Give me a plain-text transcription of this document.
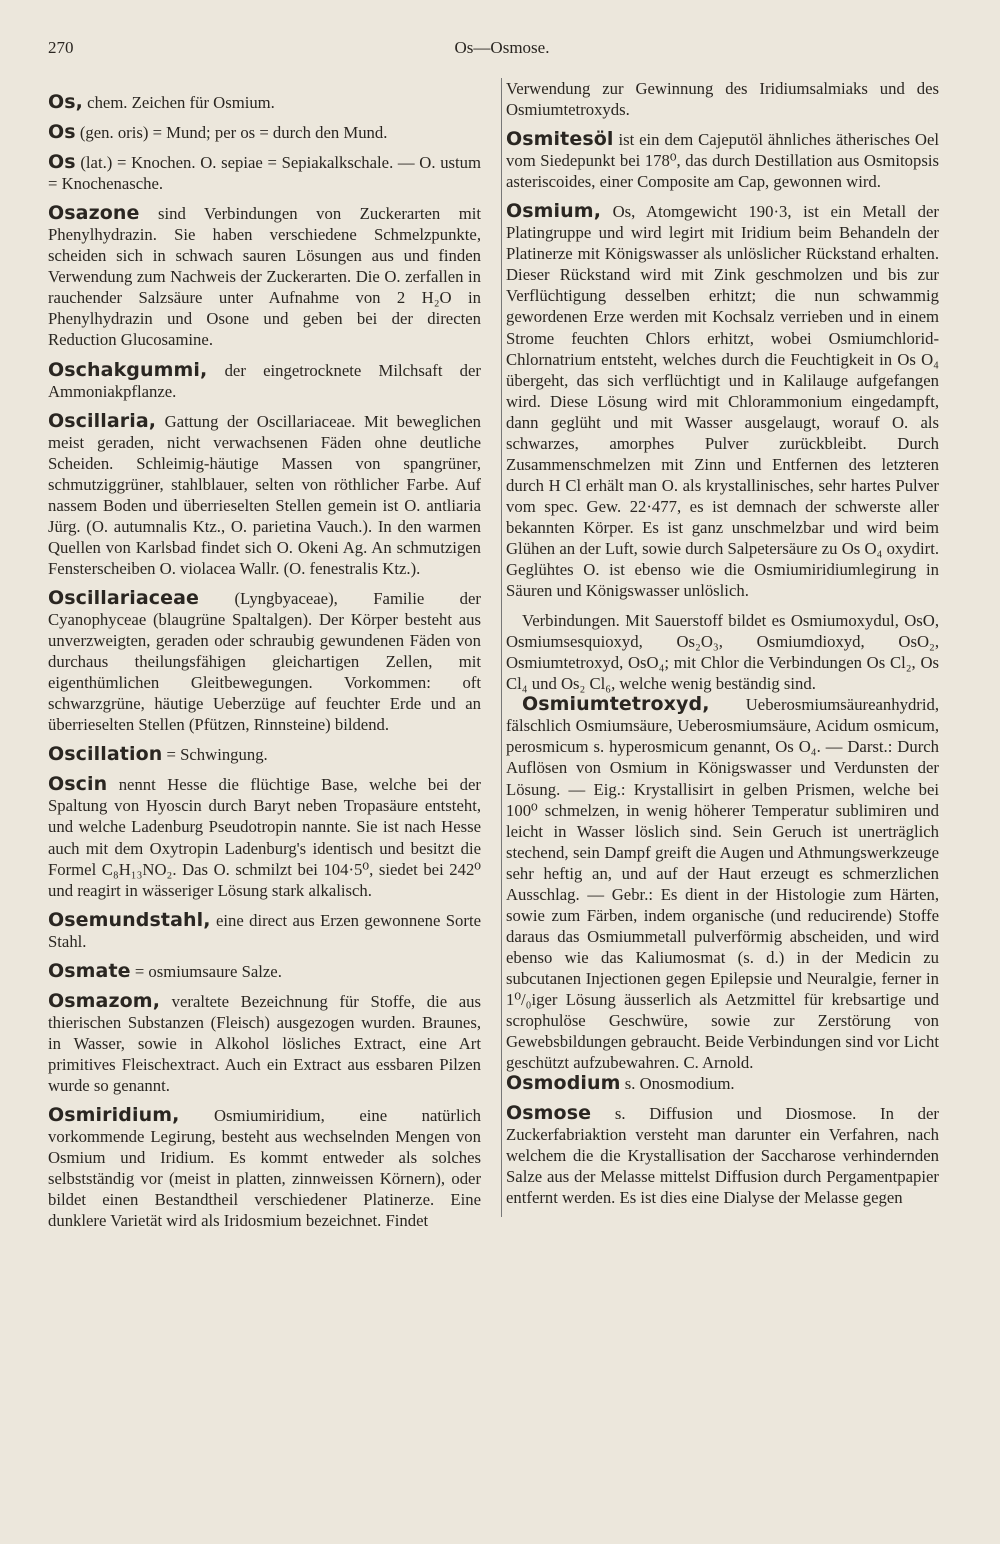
270	Os—Osmose.

Os, chem. Zeichen für Osmium.

Os (gen. oris) = Mund; per os = durch den Mund.

Os (lat.) = Knochen. O. sepiae = Sepiakalkschale. — O. ustum = Knochenasche.

Osazone sind Verbindungen von Zuckerarten mit Phenylhydrazin. Sie haben verschiedene Schmelzpunkte, scheiden sich in schwach sauren Lösungen aus und finden Verwendung zum Nachweis der Zuckerarten. Die O. zerfallen in rauchender Salzsäure unter Aufnahme von 2 H₂O in Phenylhydrazin und Osone und geben bei der directen Reduction Glucosamine.

Oschakgummi, der eingetrocknete Milchsaft der Ammoniakpflanze.

Oscillaria, Gattung der Oscillariaceae. Mit beweglichen meist geraden, nicht verwachsenen Fäden ohne deutliche Scheiden. Schleimig-häutige Massen von spangrüner, schmutziggrüner, stahlblauer, selten von röthlicher Farbe. Auf nassem Boden und überrieselten Stellen gemein ist O. antliaria Jürg. (O. autumnalis Ktz., O. parietina Vauch.). In den warmen Quellen von Karlsbad findet sich O. Okeni Ag. An schmutzigen Fensterscheiben O. violacea Wallr. (O. fenestralis Ktz.).

Oscillariaceae (Lyngbyaceae), Familie der Cyanophyceae (blaugrüne Spaltalgen). Der Körper besteht aus unverzweigten, geraden oder schraubig gewundenen Fäden von durchaus theilungsfähigen gleichartigen Zellen, mit eigenthümlichen Gleitbewegungen. Vorkommen: oft schwarzgrüne, häutige Ueberzüge auf feuchter Erde und an überrieselten Stellen (Pfützen, Rinnsteine) bildend.

Oscillation = Schwingung.

Oscin nennt Hesse die flüchtige Base, welche bei der Spaltung von Hyoscin durch Baryt neben Tropasäure entsteht, und welche Ladenburg Pseudotropin nannte. Sie ist nach Hesse auch mit dem Oxytropin Ladenburg's identisch und besitzt die Formel C₈H₁₃NO₂. Das O. schmilzt bei 104·5⁰, siedet bei 242⁰ und reagirt in wässeriger Lösung stark alkalisch.

Osemundstahl, eine direct aus Erzen gewonnene Sorte Stahl.

Osmate = osmiumsaure Salze.

Osmazom, veraltete Bezeichnung für Stoffe, die aus thierischen Substanzen (Fleisch) ausgezogen wurden. Braunes, in Wasser, sowie in Alkohol lösliches Extract, eine Art primitives Fleischextract. Auch ein Extract aus essbaren Pilzen wurde so genannt.

Osmiridium, Osmiumiridium, eine natürlich vorkommende Legirung, besteht aus wechselnden Mengen von Osmium und Iridium. Es kommt entweder als solches selbstständig vor (meist in platten, zinnweissen Körnern), oder bildet einen Bestandtheil verschiedener Platinerze. Eine dunklere Varietät wird als Iridosmium bezeichnet. Findet

Verwendung zur Gewinnung des Iridiumsalmiaks und des Osmiumtetroxyds.

Osmitesöl ist ein dem Cajeputöl ähnliches ätherisches Oel vom Siedepunkt bei 178⁰, das durch Destillation aus Osmitopsis asteriscoides, einer Composite am Cap, gewonnen wird.

Osmium, Os, Atomgewicht 190·3, ist ein Metall der Platingruppe und wird legirt mit Iridium beim Behandeln der Platinerze mit Königswasser als unlöslicher Rückstand erhalten. Dieser Rückstand wird mit Zink geschmolzen und bis zur Verflüchtigung desselben erhitzt; die nun schwammig gewordenen Erze werden mit Kochsalz verrieben und in einem Strome feuchten Chlors erhitzt, wobei Osmiumchlorid-Chlornatrium entsteht, welches durch die Feuchtigkeit in Os O₄ übergeht, das sich verflüchtigt und in Kalilauge aufgefangen wird. Diese Lösung wird mit Chlorammonium eingedampft, dann geglüht und mit Wasser ausgelaugt, worauf O. als schwarzes, amorphes Pulver zurückbleibt. Durch Zusammenschmelzen mit Zinn und Entfernen des letzteren durch H Cl erhält man O. als krystallinisches, sehr hartes Pulver vom spec. Gew. 22·477, es ist demnach der schwerste aller bekannten Körper. Es ist ganz unschmelzbar und wird beim Glühen an der Luft, sowie durch Salpetersäure zu Os O₄ oxydirt. Geglühtes O. ist ebenso wie die Osmiumiridiumlegirung in Säuren und Königswasser unlöslich.

Verbindungen. Mit Sauerstoff bildet es Osmiumoxydul, OsO, Osmiumsesquioxyd, Os₂O₃, Osmiumdioxyd, OsO₂, Osmiumtetroxyd, OsO₄; mit Chlor die Verbindungen Os Cl₂, Os Cl₄ und Os₂ Cl₆, welche wenig beständig sind.

Osmiumtetroxyd, Ueberosmiumsäureanhydrid, fälschlich Osmiumsäure, Ueberosmiumsäure, Acidum osmicum, perosmicum s. hyperosmicum genannt, Os O₄. — Darst.: Durch Auflösen von Osmium in Königswasser und Verdunsten der Lösung. — Eig.: Krystallisirt in gelben Prismen, welche bei 100⁰ schmelzen, in wenig höherer Temperatur sublimiren und leicht in Wasser löslich sind. Sein Geruch ist unerträglich stechend, sein Dampf greift die Augen und Athmungswerkzeuge sehr heftig an, und auf der Haut erzeugt es schmerzlichen Ausschlag. — Gebr.: Es dient in der Histologie zum Härten, sowie zum Färben, indem organische (und reducirende) Stoffe daraus das Osmiummetall pulverförmig abscheiden, und wird ebenso wie das Kaliumosmat (s. d.) in der Medicin zu subcutanen Injectionen gegen Epilepsie und Neuralgie, ferner in 1⁰/₀iger Lösung äusserlich als Aetzmittel für krebsartige und scrophulöse Geschwüre, sowie zur Zerstörung von Gewebsbildungen gebraucht. Beide Verbindungen sind vor Licht geschützt aufzubewahren. C. Arnold.

Osmodium s. Onosmodium.

Osmose s. Diffusion und Diosmose. In der Zuckerfabriaktion versteht man darunter ein Verfahren, nach welchem die die Krystallisation der Saccharose verhindernden Salze aus der Melasse mittelst Diffusion durch Pergamentpapier entfernt werden. Es ist dies eine Dialyse der Melasse gegen
